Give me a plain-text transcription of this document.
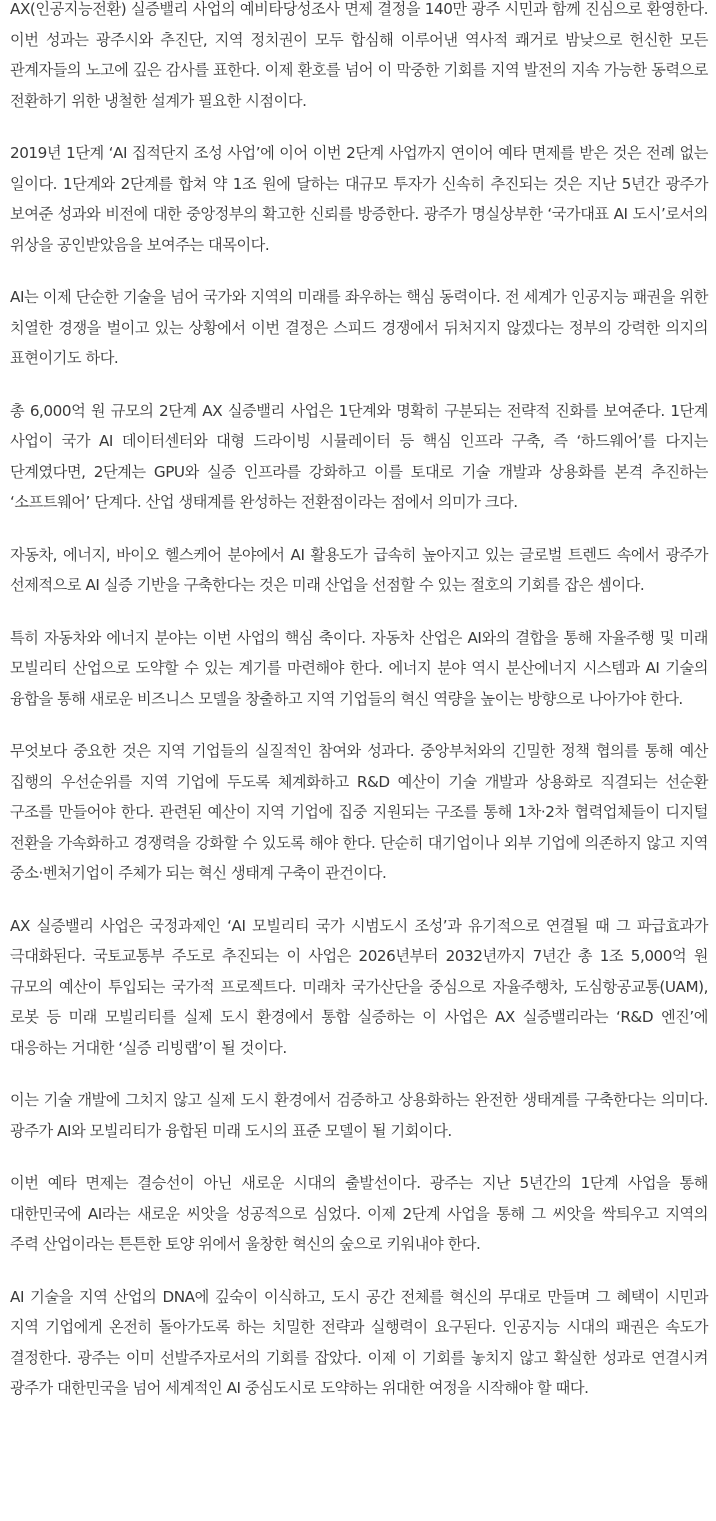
AX(인공지능전환) 실증밸리 사업의 예비타당성조사 면제 결정을 140만 광주 시민과 함께 진심으로 환영한다. 이번 성과는 광주시와 추진단, 지역 정치권이 모두 합심해 이루어낸 역사적 쾌거로 밤낮으로 헌신한 모든 관계자들의 노고에 깊은 감사를 표한다. 이제 환호를 넘어 이 막중한 기회를 지역 발전의 지속 가능한 동력으로 전환하기 위한 냉철한 설계가 필요한 시점이다.

2019년 1단계 ‘AI 집적단지 조성 사업’에 이어 이번 2단계 사업까지 연이어 예타 면제를 받은 것은 전례 없는 일이다. 1단계와 2단계를 합쳐 약 1조 원에 달하는 대규모 투자가 신속히 추진되는 것은 지난 5년간 광주가 보여준 성과와 비전에 대한 중앙정부의 확고한 신뢰를 방증한다. 광주가 명실상부한 ‘국가대표 AI 도시’로서의 위상을 공인받았음을 보여주는 대목이다.

AI는 이제 단순한 기술을 넘어 국가와 지역의 미래를 좌우하는 핵심 동력이다. 전 세계가 인공지능 패권을 위한 치열한 경쟁을 벌이고 있는 상황에서 이번 결정은 스피드 경쟁에서 뒤처지지 않겠다는 정부의 강력한 의지의 표현이기도 하다.

총 6,000억 원 규모의 2단계 AX 실증밸리 사업은 1단계와 명확히 구분되는 전략적 진화를 보여준다. 1단계 사업이 국가 AI 데이터센터와 대형 드라이빙 시뮬레이터 등 핵심 인프라 구축, 즉 ‘하드웨어’를 다지는 단계였다면, 2단계는 GPU와 실증 인프라를 강화하고 이를 토대로 기술 개발과 상용화를 본격 추진하는 ‘소프트웨어’ 단계다. 산업 생태계를 완성하는 전환점이라는 점에서 의미가 크다.

자동차, 에너지, 바이오 헬스케어 분야에서 AI 활용도가 급속히 높아지고 있는 글로벌 트렌드 속에서 광주가 선제적으로 AI 실증 기반을 구축한다는 것은 미래 산업을 선점할 수 있는 절호의 기회를 잡은 셈이다.

특히 자동차와 에너지 분야는 이번 사업의 핵심 축이다. 자동차 산업은 AI와의 결합을 통해 자율주행 및 미래 모빌리티 산업으로 도약할 수 있는 계기를 마련해야 한다. 에너지 분야 역시 분산에너지 시스템과 AI 기술의 융합을 통해 새로운 비즈니스 모델을 창출하고 지역 기업들의 혁신 역량을 높이는 방향으로 나아가야 한다.

무엇보다 중요한 것은 지역 기업들의 실질적인 참여와 성과다. 중앙부처와의 긴밀한 정책 협의를 통해 예산 집행의 우선순위를 지역 기업에 두도록 체계화하고 R&D 예산이 기술 개발과 상용화로 직결되는 선순환 구조를 만들어야 한다. 관련된 예산이 지역 기업에 집중 지원되는 구조를 통해 1차·2차 협력업체들이 디지털 전환을 가속화하고 경쟁력을 강화할 수 있도록 해야 한다. 단순히 대기업이나 외부 기업에 의존하지 않고 지역 중소·벤처기업이 주체가 되는 혁신 생태계 구축이 관건이다.

AX 실증밸리 사업은 국정과제인 ‘AI 모빌리티 국가 시범도시 조성’과 유기적으로 연결될 때 그 파급효과가 극대화된다. 국토교통부 주도로 추진되는 이 사업은 2026년부터 2032년까지 7년간 총 1조 5,000억 원 규모의 예산이 투입되는 국가적 프로젝트다. 미래차 국가산단을 중심으로 자율주행차, 도심항공교통(UAM), 로봇 등 미래 모빌리티를 실제 도시 환경에서 통합 실증하는 이 사업은 AX 실증밸리라는 ‘R&D 엔진’에 대응하는 거대한 ‘실증 리빙랩’이 될 것이다.

이는 기술 개발에 그치지 않고 실제 도시 환경에서 검증하고 상용화하는 완전한 생태계를 구축한다는 의미다. 광주가 AI와 모빌리티가 융합된 미래 도시의 표준 모델이 될 기회이다.

이번 예타 면제는 결승선이 아닌 새로운 시대의 출발선이다. 광주는 지난 5년간의 1단계 사업을 통해 대한민국에 AI라는 새로운 씨앗을 성공적으로 심었다. 이제 2단계 사업을 통해 그 씨앗을 싹틔우고 지역의 주력 산업이라는 튼튼한 토양 위에서 울창한 혁신의 숲으로 키워내야 한다.

AI 기술을 지역 산업의 DNA에 깊숙이 이식하고, 도시 공간 전체를 혁신의 무대로 만들며 그 혜택이 시민과 지역 기업에게 온전히 돌아가도록 하는 치밀한 전략과 실행력이 요구된다. 인공지능 시대의 패권은 속도가 결정한다. 광주는 이미 선발주자로서의 기회를 잡았다. 이제 이 기회를 놓치지 않고 확실한 성과로 연결시켜 광주가 대한민국을 넘어 세계적인 AI 중심도시로 도약하는 위대한 여정을 시작해야 할 때다.
